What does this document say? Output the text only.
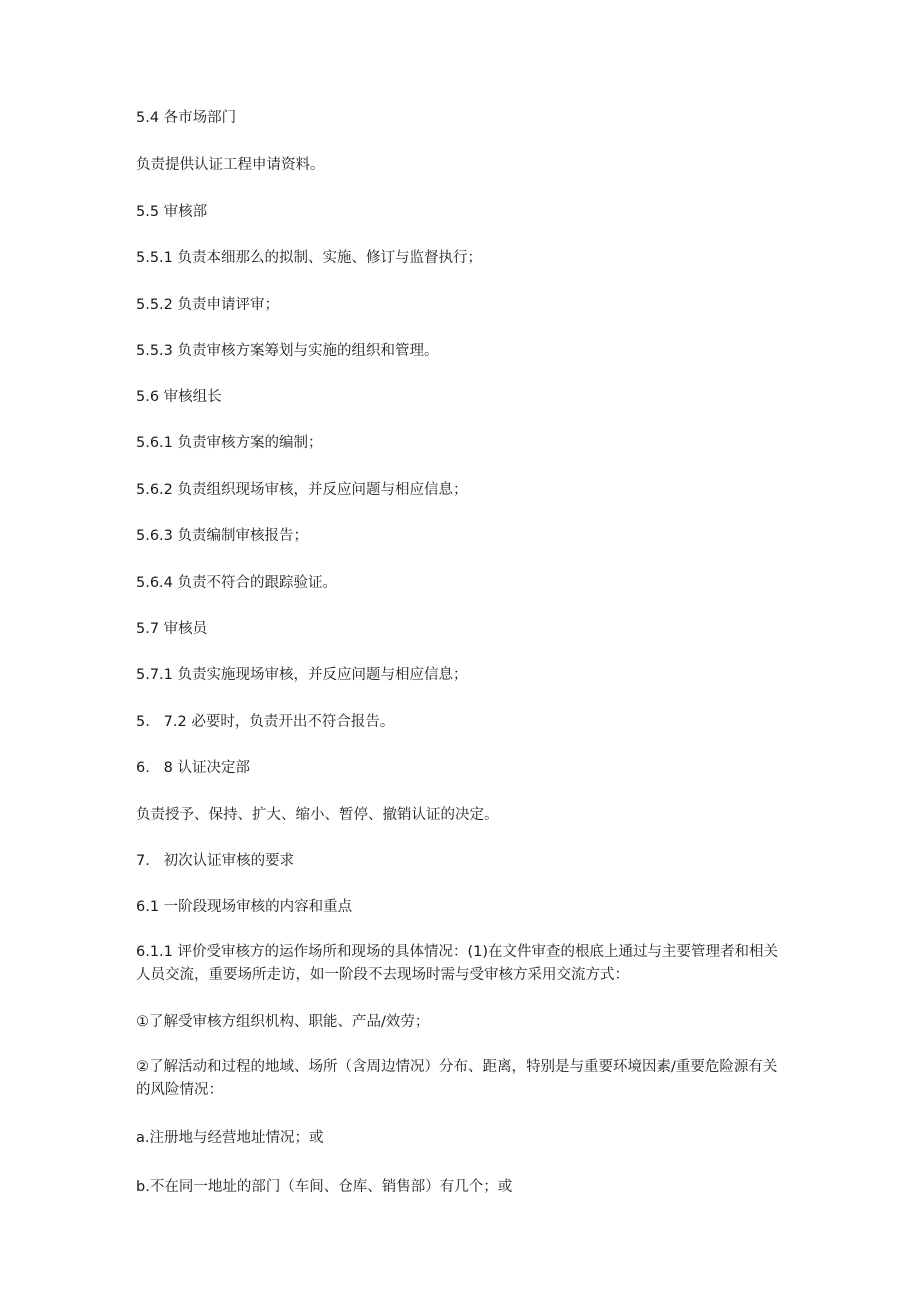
5.4 各市场部门

负责提供认证工程申请资料。

5.5 审核部

5.5.1 负责本细那么的拟制、实施、修订与监督执行；

5.5.2 负责申请评审；

5.5.3 负责审核方案筹划与实施的组织和管理。

5.6 审核组长

5.6.1 负责审核方案的编制；

5.6.2 负责组织现场审核，并反应问题与相应信息；

5.6.3 负责编制审核报告；

5.6.4 负责不符合的跟踪验证。

5.7 审核员

5.7.1 负责实施现场审核，并反应问题与相应信息；

5.   7.2 必要时，负责开出不符合报告。

6.   8 认证决定部

负责授予、保持、扩大、缩小、暂停、撤销认证的决定。

7.   初次认证审核的要求

6.1 一阶段现场审核的内容和重点

6.1.1 评价受审核方的运作场所和现场的具体情况：(1)在文件审查的根底上通过与主要管理者和相关人员交流，重要场所走访，如一阶段不去现场时需与受审核方采用交流方式：

①了解受审核方组织机构、职能、产品/效劳；

②了解活动和过程的地域、场所（含周边情况）分布、距离，特别是与重要环境因素/重要危险源有关的风险情况：

a.注册地与经营地址情况；或

b.不在同一地址的部门（车间、仓库、销售部）有几个；或
